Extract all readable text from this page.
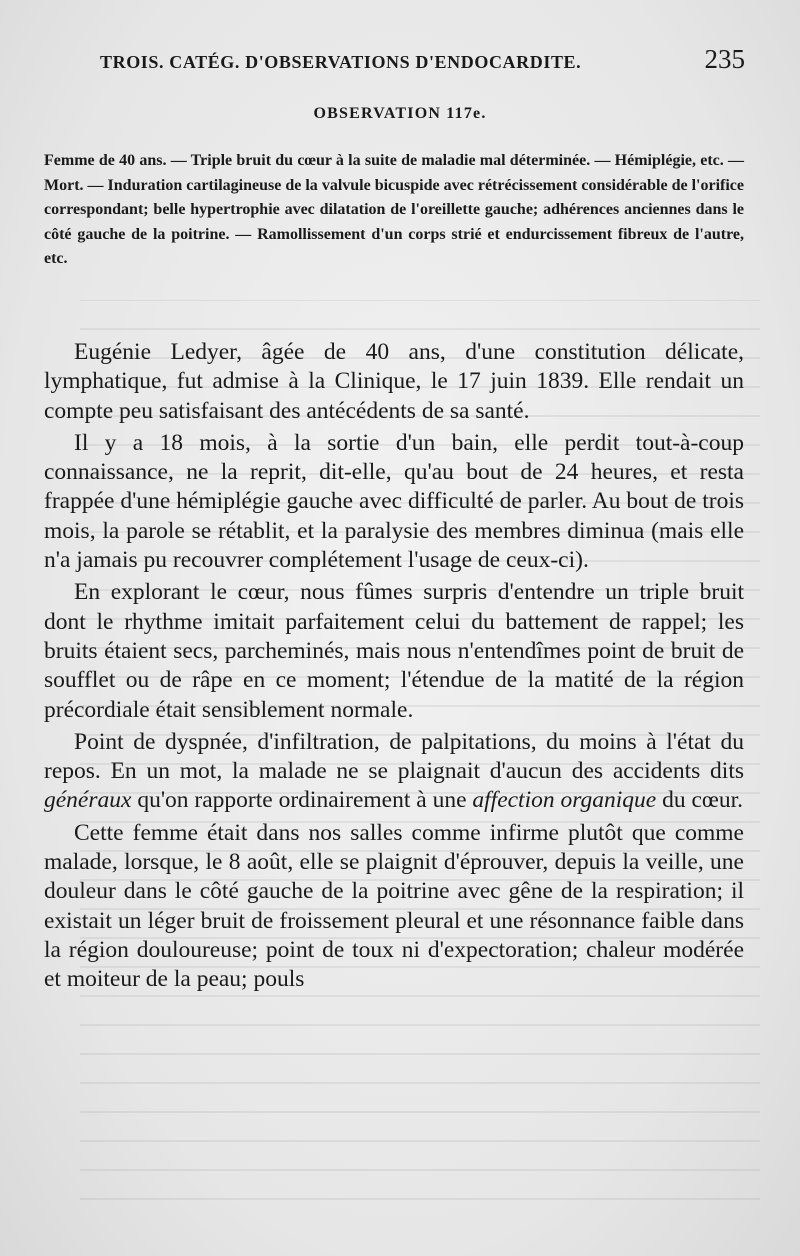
TROIS. CATÉG. D'OBSERVATIONS D'ENDOCARDITE.	235
OBSERVATION 117e.

Femme de 40 ans. — Triple bruit du cœur à la suite de maladie mal déterminée. — Hémiplégie, etc. — Mort. — Induration cartilagineuse de la valvule bicuspide avec rétrécissement considérable de l'orifice correspondant; belle hypertrophie avec dilatation de l'oreillette gauche; adhérences anciennes dans le côté gauche de la poitrine. — Ramollissement d'un corps strié et endurcissement fibreux de l'autre, etc.

Eugénie Ledyer, âgée de 40 ans, d'une constitution délicate, lymphatique, fut admise à la Clinique, le 17 juin 1839. Elle rendait un compte peu satisfaisant des antécédents de sa santé.

Il y a 18 mois, à la sortie d'un bain, elle perdit tout-à-coup connaissance, ne la reprit, dit-elle, qu'au bout de 24 heures, et resta frappée d'une hémiplégie gauche avec difficulté de parler. Au bout de trois mois, la parole se rétablit, et la paralysie des membres diminua (mais elle n'a jamais pu recouvrer complétement l'usage de ceux-ci).

En explorant le cœur, nous fûmes surpris d'entendre un triple bruit dont le rhythme imitait parfaitement celui du battement de rappel; les bruits étaient secs, parcheminés, mais nous n'entendîmes point de bruit de soufflet ou de râpe en ce moment; l'étendue de la matité de la région précordiale était sensiblement normale.

Point de dyspnée, d'infiltration, de palpitations, du moins à l'état du repos. En un mot, la malade ne se plaignait d'aucun des accidents dits généraux qu'on rapporte ordinairement à une affection organique du cœur.

Cette femme était dans nos salles comme infirme plutôt que comme malade, lorsque, le 8 août, elle se plaignit d'éprouver, depuis la veille, une douleur dans le côté gauche de la poitrine avec gêne de la respiration; il existait un léger bruit de froissement pleural et une résonnance faible dans la région douloureuse; point de toux ni d'expectoration; chaleur modérée et moiteur de la peau; pouls
